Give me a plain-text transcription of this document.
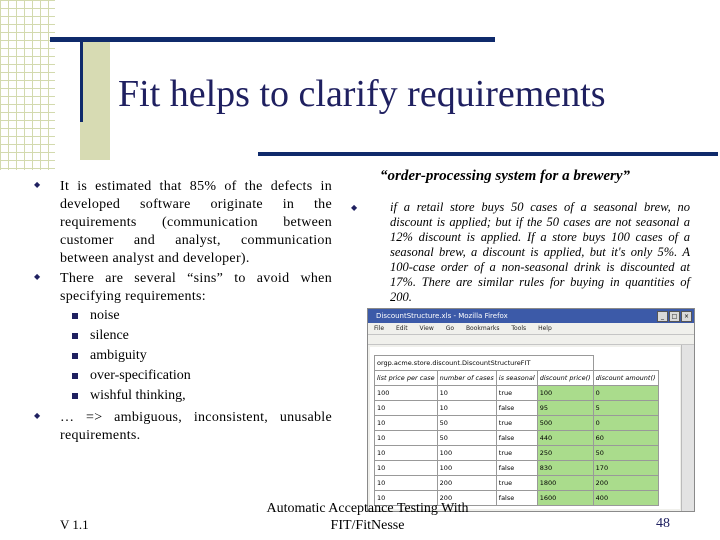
Fit helps to clarify requirements
◆ It is estimated that 85% of the defects in developed software originate in the requirements (communication between customer and analyst, communication between analyst and developer).
◆ There are several “sins” to avoid when specifying requirements:
noise
silence
ambiguity
over-specification
wishful thinking,
◆ … => ambiguous, inconsistent, unusable requirements.
“order-processing system for a brewery”
◆	if a retail store buys 50 cases of a seasonal brew, no discount is applied; but if the 50 cases are not seasonal a 12% discount is applied. If a store buys 100 cases of a seasonal brew, a discount is applied, but it's only 5%. A 100-case order of a non-seasonal drink is discounted at 17%. There are similar rules for buying in quantities of 200.
DiscountStructure.xls - Mozilla Firefox	_	□	×
File Edit View Go Bookmarks Tools Help
orgp.acme.store.discount.DiscountStructureFIT					
list price per case	number of cases	is seasonal	discount price()	discount amount()	
100	10	true	100	0	
10	10	false	95	5	
10	50	true	500	0	
10	50	false	440	60	
10	100	true	250	50	
10	100	false	830	170	
10	200	true	1800	200	
10	200	false	1600	400	
V 1.1
Automatic Acceptance Testing With FIT/FitNesse	48
